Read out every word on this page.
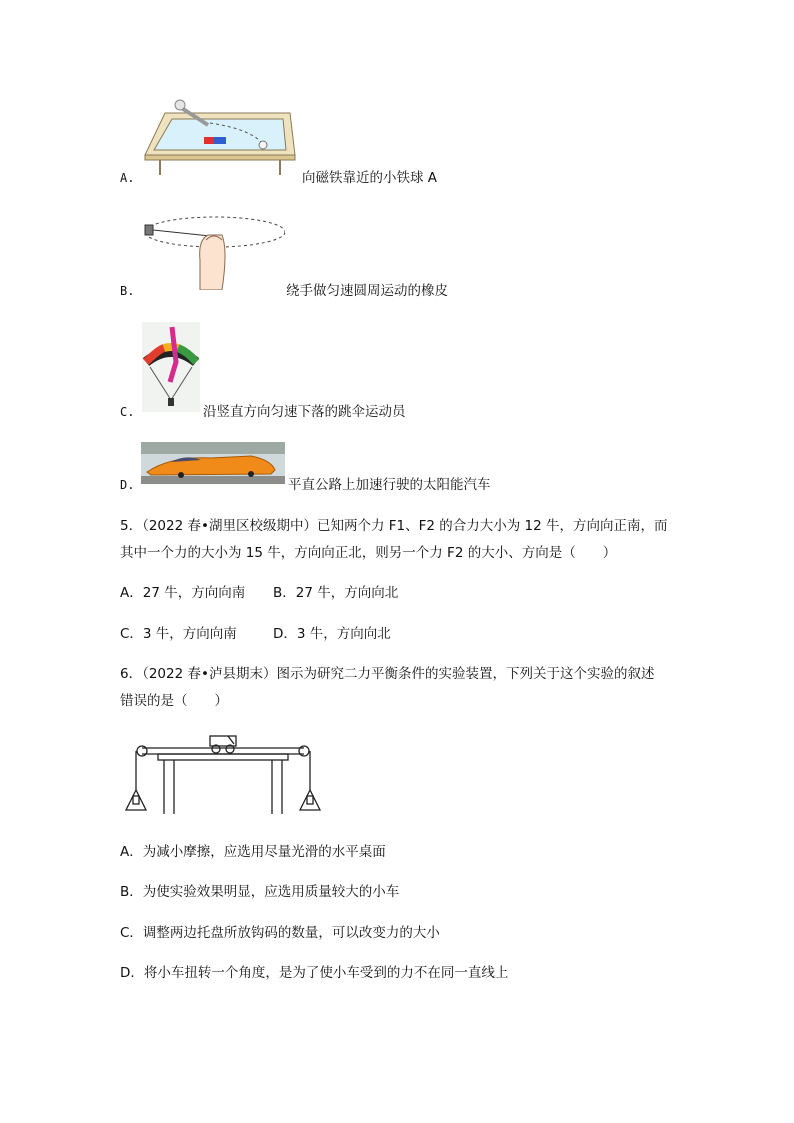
A.	向磁铁靠近的小铁球 A
B.	绕手做匀速圆周运动的橡皮
C.	沿竖直方向匀速下落的跳伞运动员
D.	平直公路上加速行驶的太阳能汽车
5．（2022 春•湖里区校级期中）已知两个力 F1、F2 的合力大小为 12 牛，方向向正南，而
其中一个力的大小为 15 牛，方向向正北，则另一个力 F2 的大小、方向是（　　）
A．27 牛，方向向南 B．27 牛，方向向北
C．3 牛，方向向南	D．3 牛，方向向北
6．（2022 春•泸县期末）图示为研究二力平衡条件的实验装置，下列关于这个实验的叙述
错误的是（　　）
A．为减小摩擦，应选用尽量光滑的水平桌面
B．为使实验效果明显，应选用质量较大的小车
C．调整两边托盘所放钩码的数量，可以改变力的大小
D．将小车扭转一个角度，是为了使小车受到的力不在同一直线上
